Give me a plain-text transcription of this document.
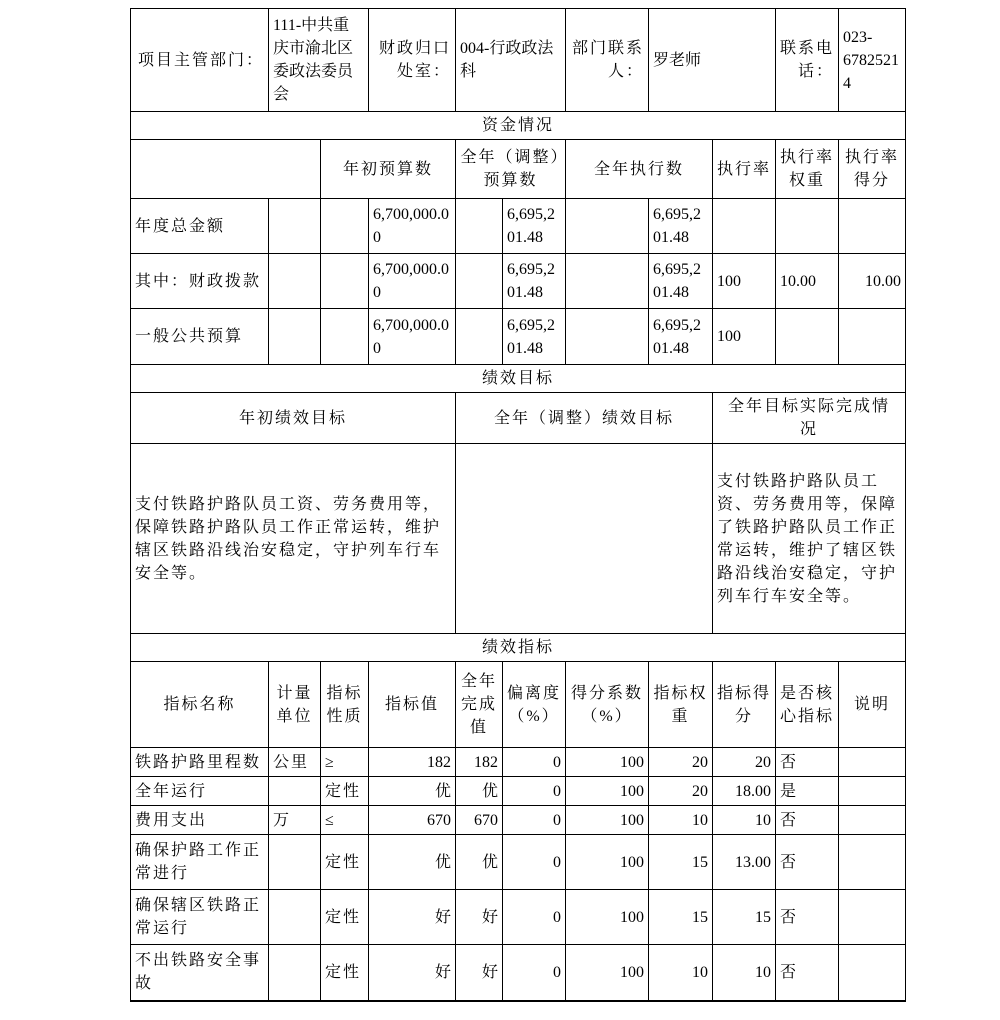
项目主管部门：	111-中共重庆市渝北区委政法委员会		财政归口处室：	004-行政政法科		部门联系人：	罗老师		联系电话：	023-67825214
资金情况										
		年初预算数		全年（调整）预算数		全年执行数		执行率	执行率权重	执行率得分
年度总金额			6,700,000.00		6,695,201.48		6,695,201.48			
其中：财政拨款			6,700,000.00		6,695,201.48		6,695,201.48	100	10.00	10.00
一般公共预算			6,700,000.00		6,695,201.48		6,695,201.48	100		
绩效目标										
年初绩效目标				全年（调整）绩效目标				全年目标实际完成情况		
支付铁路护路队员工资、劳务费用等，保障铁路护路队员工作正常运转，维护辖区铁路沿线治安稳定，守护列车行车安全等。								支付铁路护路队员工资、劳务费用等，保障了铁路护路队员工作正常运转，维护了辖区铁路沿线治安稳定，守护列车行车安全等。		
绩效指标										
指标名称	计量单位	指标性质	指标值	全年完成值	偏离度（%）	得分系数（%）	指标权重	指标得分	是否核心指标	说明
铁路护路里程数	公里	≥	182	182	0	100	20	20	否	
全年运行		定性	优	优	0	100	20	18.00	是	
费用支出	万	≤	670	670	0	100	10	10	否	
确保护路工作正常进行		定性	优	优	0	100	15	13.00	否	
确保辖区铁路正常运行		定性	好	好	0	100	15	15	否	
不出铁路安全事故		定性	好	好	0	100	10	10	否	
